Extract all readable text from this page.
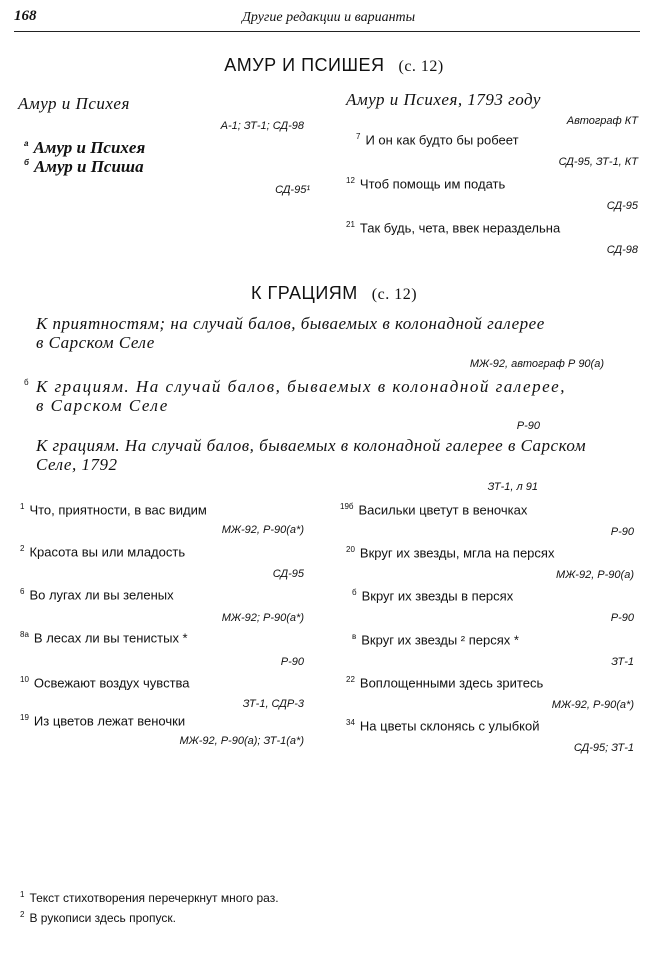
168	Другие редакции и варианты
АМУР И ПСИШЕЯ (с. 12)
Амур и Психея
А-1; ЗТ-1; СД-98
$^а$ Амур и Психея
$^б$ Амур и Псиша
СД-95¹
Амур и Психея, 1793 году
Автограф КТ
$^7$ И он как будто бы робеет
СД-95, ЗТ-1, КТ
$^{12}$ Чтоб помощь им подать
СД-95
$^{21}$ Так будь, чета, ввек нераздельна
СД-98
К ГРАЦИЯМ (с. 12)
К приятностям; на случай балов, бываемых в колонадной галерее
в Сарском Селе
МЖ-92, автограф Р 90(а)
б К грациям. На случай балов, бываемых в колонадной галерее,
в Сарском Селе
Р-90
К грациям. На случай балов, бываемых в колонадной галерее в Сарском
Селе, 1792
ЗТ-1, л 91
$^1$ Что, приятности, в вас видим
МЖ-92, Р-90(а*)
$^2$ Красота вы или младость
СД-95
$^6$ Во лугах ли вы зеленых
МЖ-92; Р-90(а*)
$^{8а}$ В лесах ли вы тенистых *
Р-90
$^{10}$ Освежают воздух чувства
ЗТ-1, СДР-3
$^{19}$ Из цветов лежат веночки
МЖ-92, Р-90(а); ЗТ-1(а*)
$^{19б}$ Васильки цветут в веночках
Р-90
$^{20}$ Вкруг их звезды, мгла на персях
МЖ-92, Р-90(а)
$^б$ Вкруг их звезды в персях
Р-90
$^в$ Вкруг их звезды ² персях *
ЗТ-1
$^{22}$ Воплощенными здесь зритесь
МЖ-92, Р-90(а*)
$^{34}$ На цветы склонясь с улыбкой
СД-95; ЗТ-1
$^1$ Текст стихотворения перечеркнут много раз.
$^2$ В рукописи здесь пропуск.
